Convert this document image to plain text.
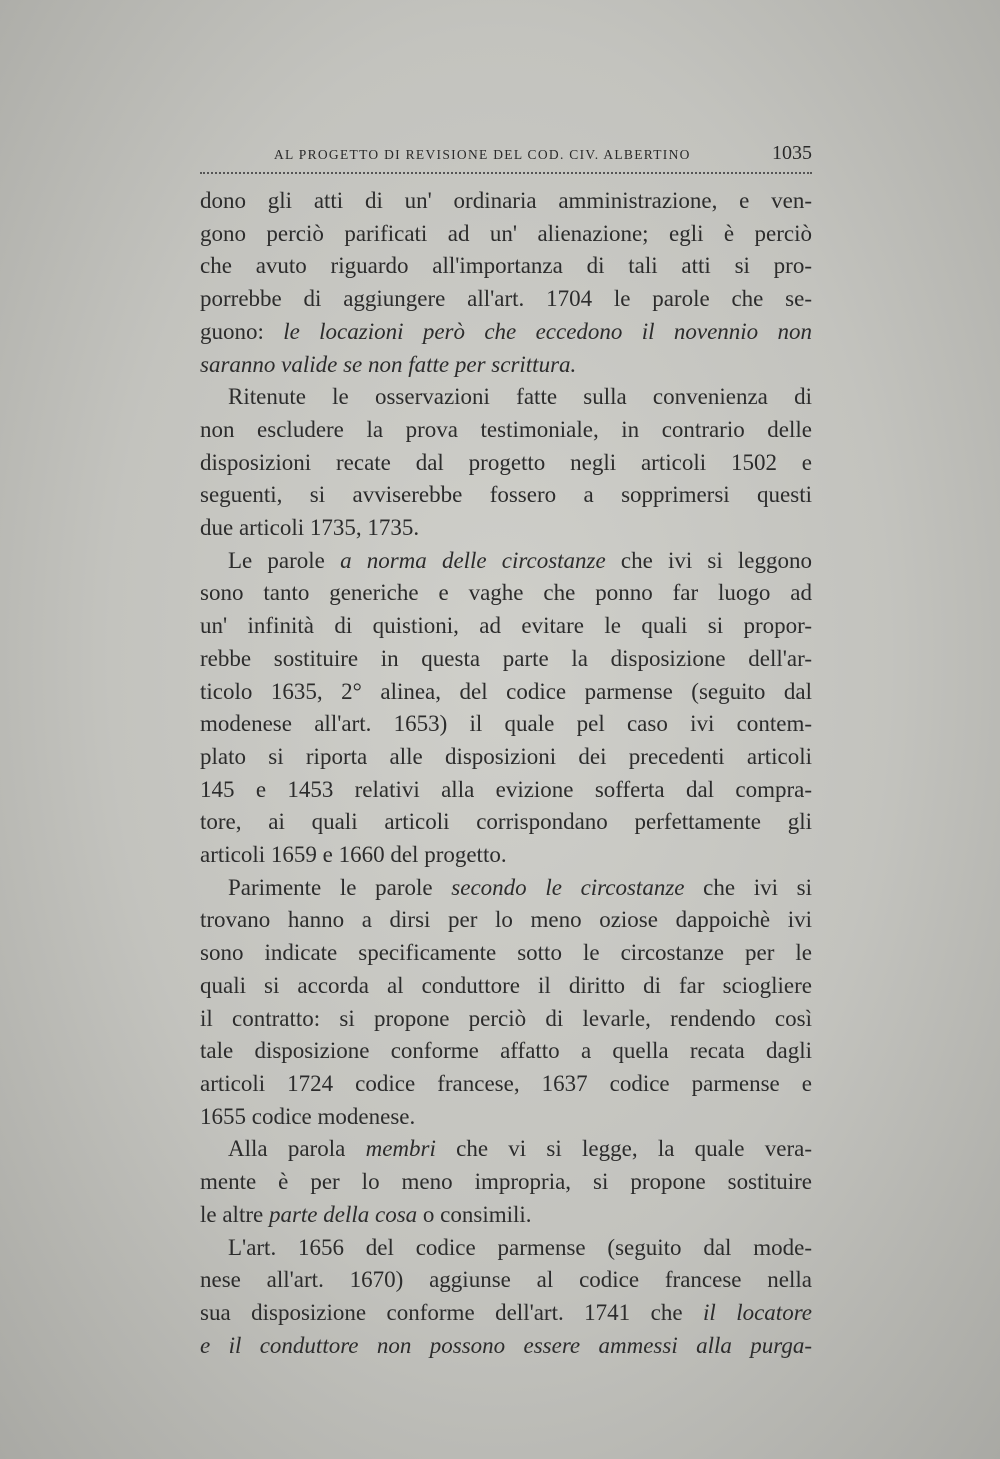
AL PROGETTO DI REVISIONE DEL COD. CIV. ALBERTINO	1035

dono gli atti di un' ordinaria amministrazione, e ven-
gono perciò parificati ad un' alienazione; egli è perciò
che avuto riguardo all'importanza di tali atti si pro-
porrebbe di aggiungere all'art. 1704 le parole che se-
guono: le locazioni però che eccedono il novennio non
saranno valide se non fatte per scrittura.

Ritenute le osservazioni fatte sulla convenienza di
non escludere la prova testimoniale, in contrario delle
disposizioni recate dal progetto negli articoli 1502 e
seguenti, si avviserebbe fossero a sopprimersi questi
due articoli 1735, 1735.

Le parole a norma delle circostanze che ivi si leggono
sono tanto generiche e vaghe che ponno far luogo ad
un' infinità di quistioni, ad evitare le quali si propor-
rebbe sostituire in questa parte la disposizione dell'ar-
ticolo 1635, 2° alinea, del codice parmense (seguito dal
modenese all'art. 1653) il quale pel caso ivi contem-
plato si riporta alle disposizioni dei precedenti articoli
145 e 1453 relativi alla evizione sofferta dal compra-
tore, ai quali articoli corrispondano perfettamente gli
articoli 1659 e 1660 del progetto.

Parimente le parole secondo le circostanze che ivi si
trovano hanno a dirsi per lo meno oziose dappoichè ivi
sono indicate specificamente sotto le circostanze per le
quali si accorda al conduttore il diritto di far sciogliere
il contratto: si propone perciò di levarle, rendendo così
tale disposizione conforme affatto a quella recata dagli
articoli 1724 codice francese, 1637 codice parmense e
1655 codice modenese.

Alla parola membri che vi si legge, la quale vera-
mente è per lo meno impropria, si propone sostituire
le altre parte della cosa o consimili.

L'art. 1656 del codice parmense (seguito dal mode-
nese all'art. 1670) aggiunse al codice francese nella
sua disposizione conforme dell'art. 1741 che il locatore
e il conduttore non possono essere ammessi alla purga-
